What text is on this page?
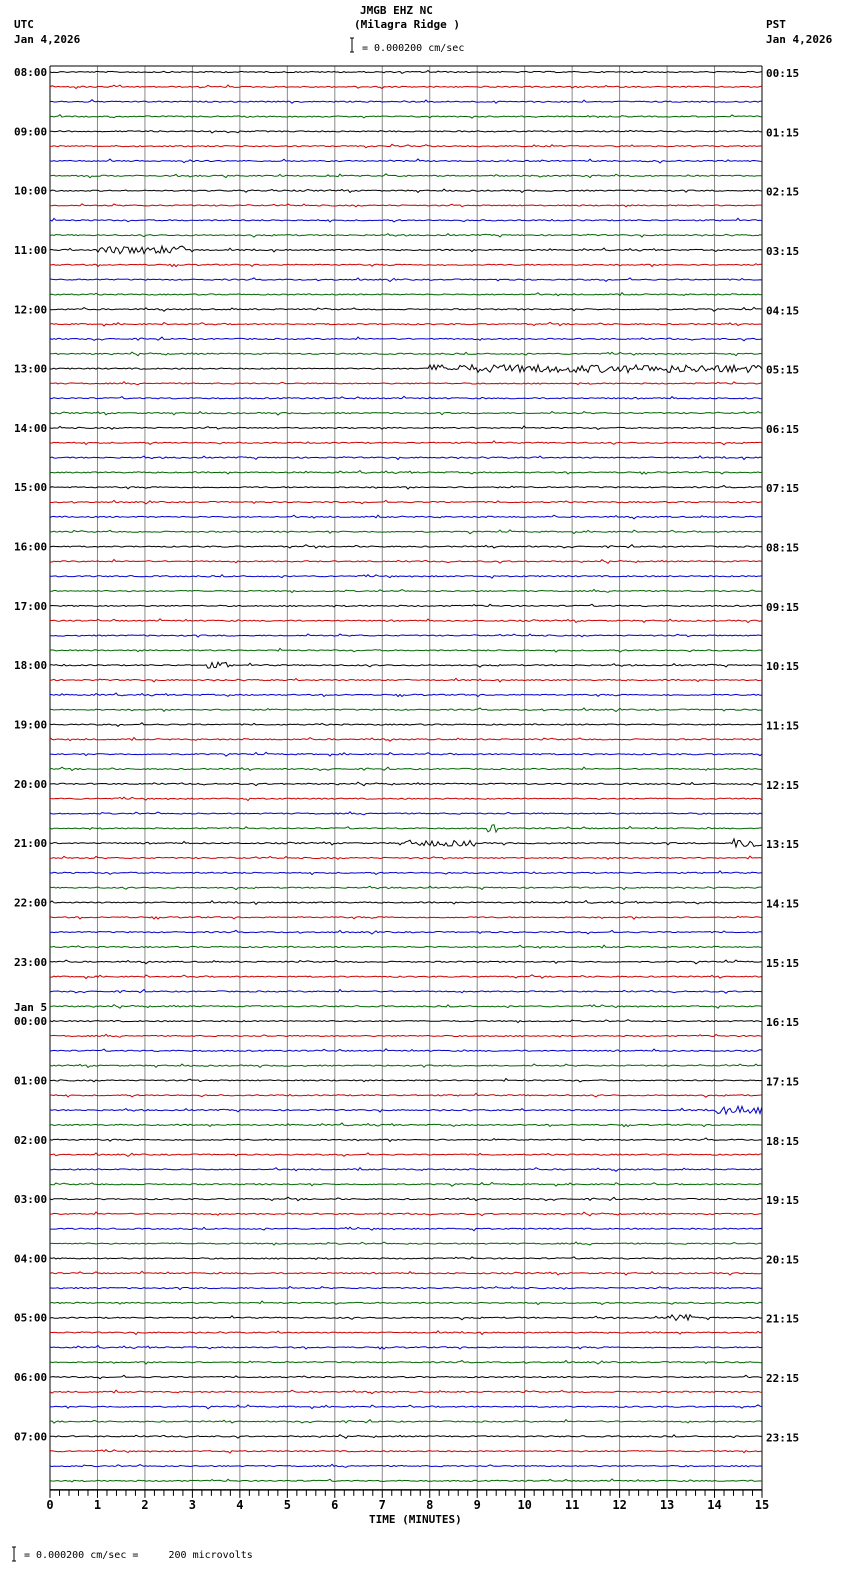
JMGB EHZ NC
(Milagra Ridge )
UTC
Jan 4,2026
PST
Jan 4,2026
= 0.000200 cm/sec
TIME (MINUTES)
= 0.000200 cm/sec =     200 microvolts
0	1	2	3	4	5	6	7	8	9	10	11	12	13	14	15
08:00
09:00
10:00
11:00
12:00
13:00
14:00
15:00
16:00
17:00
18:00
19:00
20:00
21:00
22:00
23:00
00:00
Jan 5
01:00
02:00
03:00
04:00
05:00
06:00
07:00
00:15
01:15
02:15
03:15
04:15
05:15
06:15
07:15
08:15
09:15
10:15
11:15
12:15
13:15
14:15
15:15
16:15
17:15
18:15
19:15
20:15
21:15
22:15
23:15
